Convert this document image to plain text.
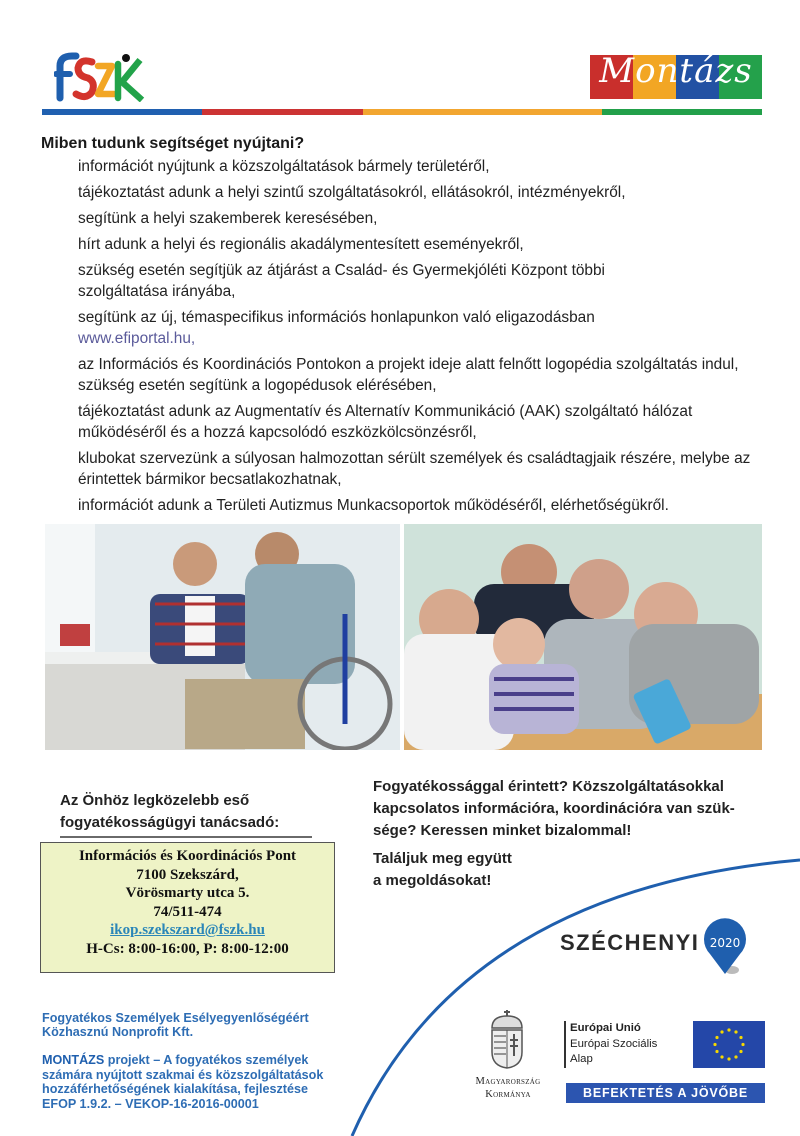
Montázs
Miben tudunk segítséget nyújtani?
információt nyújtunk a közszolgáltatások bármely területéről,
tájékoztatást adunk a helyi szintű szolgáltatásokról, ellátásokról, intézményekről,
segítünk a helyi szakemberek keresésében,
hírt adunk a helyi és regionális akadálymentesített eseményekről,
szükség esetén segítjük az átjárást a Család- és Gyermekjóléti Központ többi szolgáltatása irányába,
segítünk az új, témaspecifikus információs honlapunkon való eligazodásban
www.efiportal.hu,
az Információs és Koordinációs Pontokon a projekt ideje alatt felnőtt logopédia szolgáltatás indul, szükség esetén segítünk a logopédusok elérésében,
tájékoztatást adunk az Augmentatív és Alternatív Kommunikáció (AAK) szolgáltató hálózat működéséről és a hozzá kapcsolódó eszközkölcsönzésről,
klubokat szervezünk a súlyosan halmozottan sérült személyek és családtagjaik részére, melybe az érintettek bármikor becsatlakozhatnak,
információt adunk a Területi Autizmus Munkacsoportok működéséről, elérhetőségükről.
Az Önhöz legközelebb eső
fogyatékosságügyi tanácsadó:
Információs és Koordinációs Pont
7100 Szekszárd,
Vörösmarty utca 5.
74/511-474
ikop.szekszard@fszk.hu
H-Cs: 8:00-16:00, P: 8:00-12:00
Fogyatékossággal érintett? Közszolgáltatásokkal
kapcsolatos információra, koordinációra van szük-
sége? Keressen minket bizalommal!
Találjuk meg együtt
a megoldásokat!
SZÉCHENYI 2020
Fogyatékos Személyek Esélyegyenlőségéért
Közhasznú Nonprofit Kft.
MONTÁZS projekt – A fogyatékos személyek
számára nyújtott szakmai és közszolgáltatások
hozzáférhetőségének kialakítása, fejlesztése
EFOP 1.9.2. – VEKOP-16-2016-00001
Magyarország
Kormánya
Európai Unió
Európai Szociális
Alap
BEFEKTETÉS A JÖVŐBE
